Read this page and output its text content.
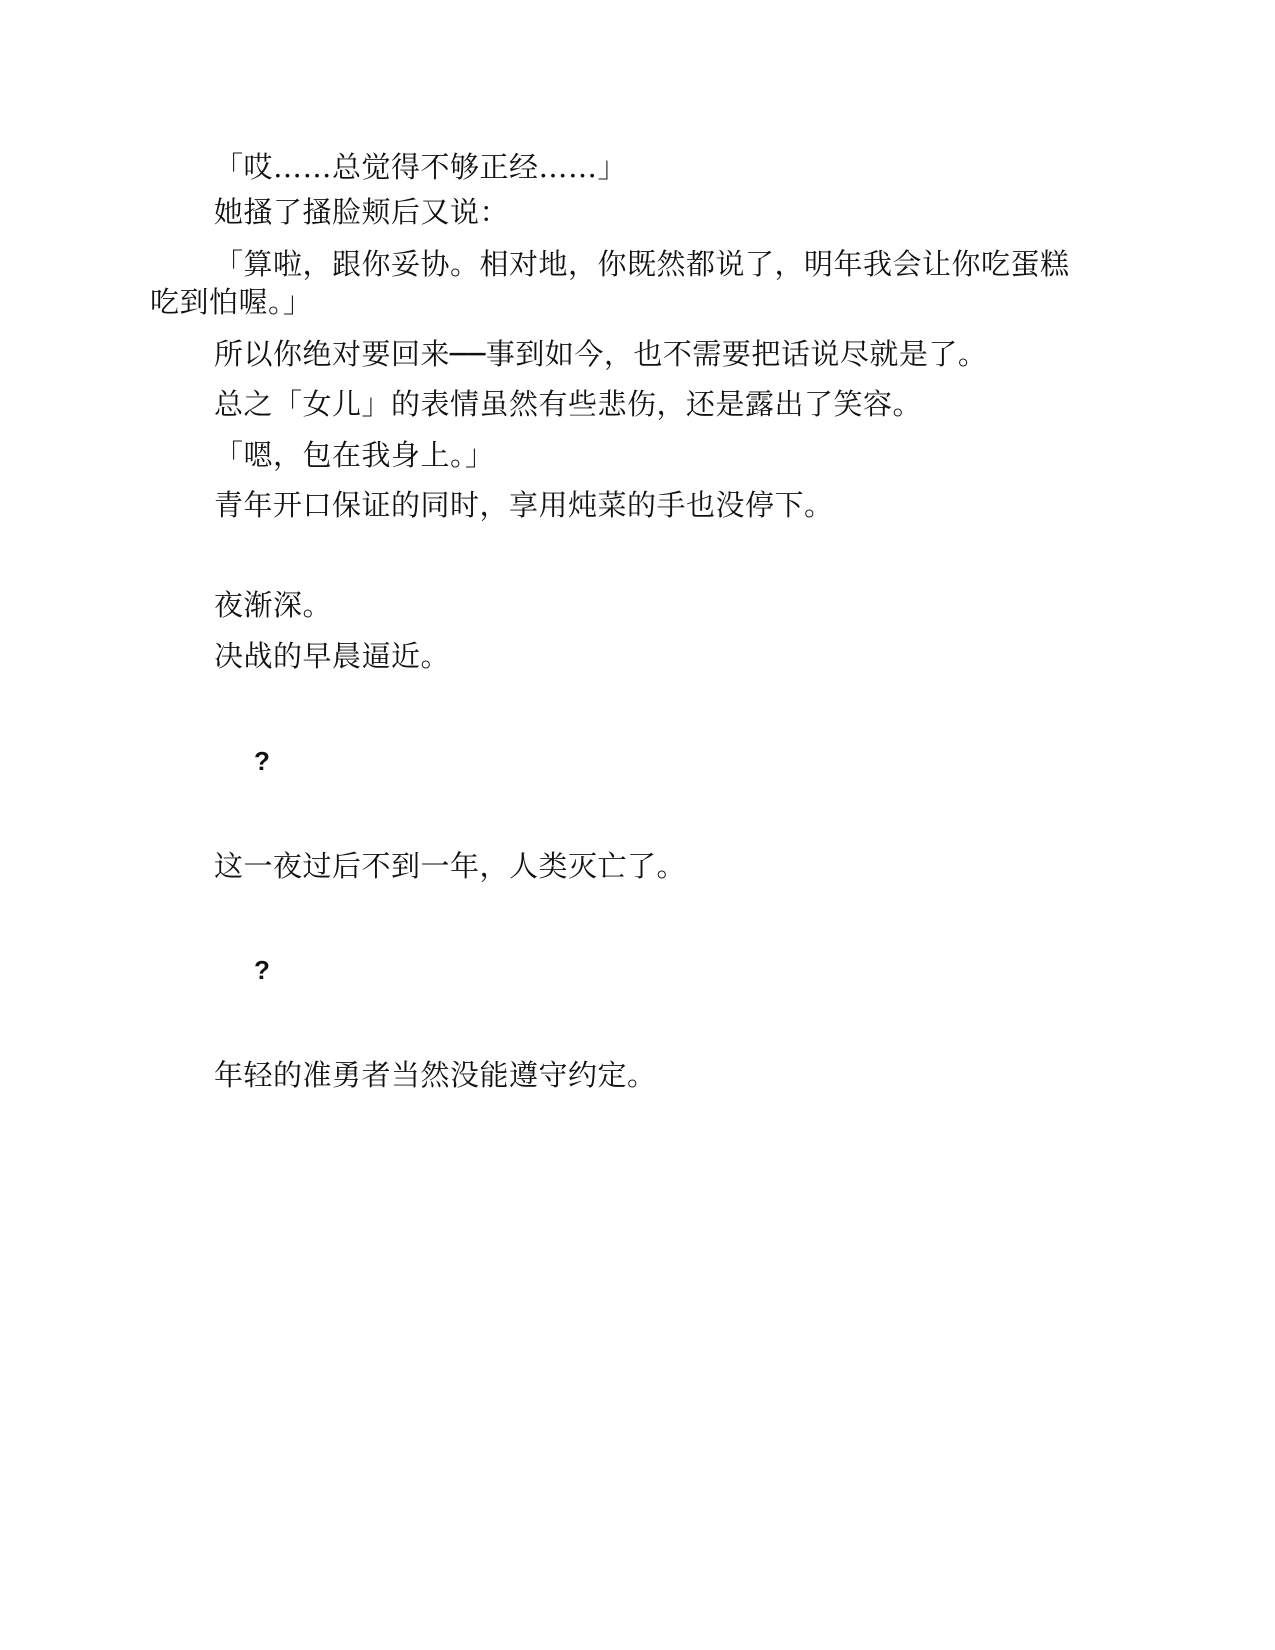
「哎……总觉得不够正经……」
她搔了搔脸颊后又说：
「算啦，跟你妥协。相对地，你既然都说了，明年我会让你吃蛋糕
吃到怕喔。」
所以你绝对要回来──事到如今，也不需要把话说尽就是了。
总之「女儿」的表情虽然有些悲伤，还是露出了笑容。
「嗯，包在我身上。」
青年开口保证的同时，享用炖菜的手也没停下。
夜渐深。
决战的早晨逼近。
?
这一夜过后不到一年，人类灭亡了。
?
年轻的准勇者当然没能遵守约定。
